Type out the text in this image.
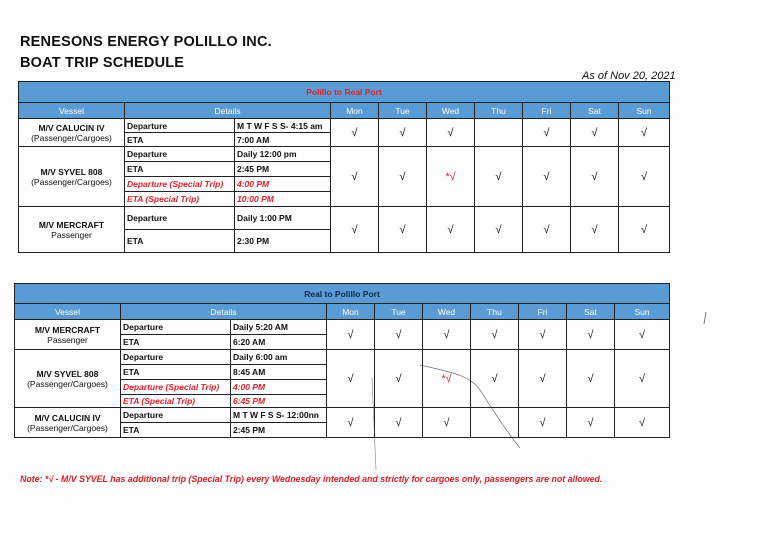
RENESONS ENERGY POLILLO INC.
BOAT TRIP SCHEDULE
As of Nov 20, 2021
Polillo to Real Port									
Vessel	Details		Mon	Tue	Wed	Thu	Fri	Sat	Sun

M/V CALUCIN IV
(Passenger/Cargoes)	Departure	M T W F S S- 4:15 am	√	√	√		√	√	√
	ETA	7:00 AM							

M/V SYVEL 808
(Passenger/Cargoes)	Departure	Daily 12:00 pm	√	√	*√	√	√	√	√
	ETA	2:45 PM							
	Departure (Special Trip)	4:00 PM							
	ETA (Special Trip)	10:00 PM							

M/V MERCRAFT
Passenger	Departure	Daily 1:00 PM	√	√	√	√	√	√	√
	ETA	2:30 PM							
Real to Polillo Port									
Vessel	Details		Mon	Tue	Wed	Thu	Fri	Sat	Sun

M/V MERCRAFT
Passenger	Departure	Daily 5:20 AM	√	√	√	√	√	√	√
	ETA	6:20 AM							

M/V SYVEL 808
(Passenger/Cargoes)	Departure	Daily 6:00 am	√	√	*√	√	√	√	√
	ETA	8:45 AM							
	Departure (Special Trip)	4:00 PM							
	ETA (Special Trip)	6:45 PM							

M/V CALUCIN IV
(Passenger/Cargoes)	Departure	M T W F S S- 12:00nn	√	√	√		√	√	√
	ETA	2:45 PM							
Note: *√ - M/V SYVEL has additional trip (Special Trip) every Wednesday intended and strictly for cargoes only, passengers are not allowed.
